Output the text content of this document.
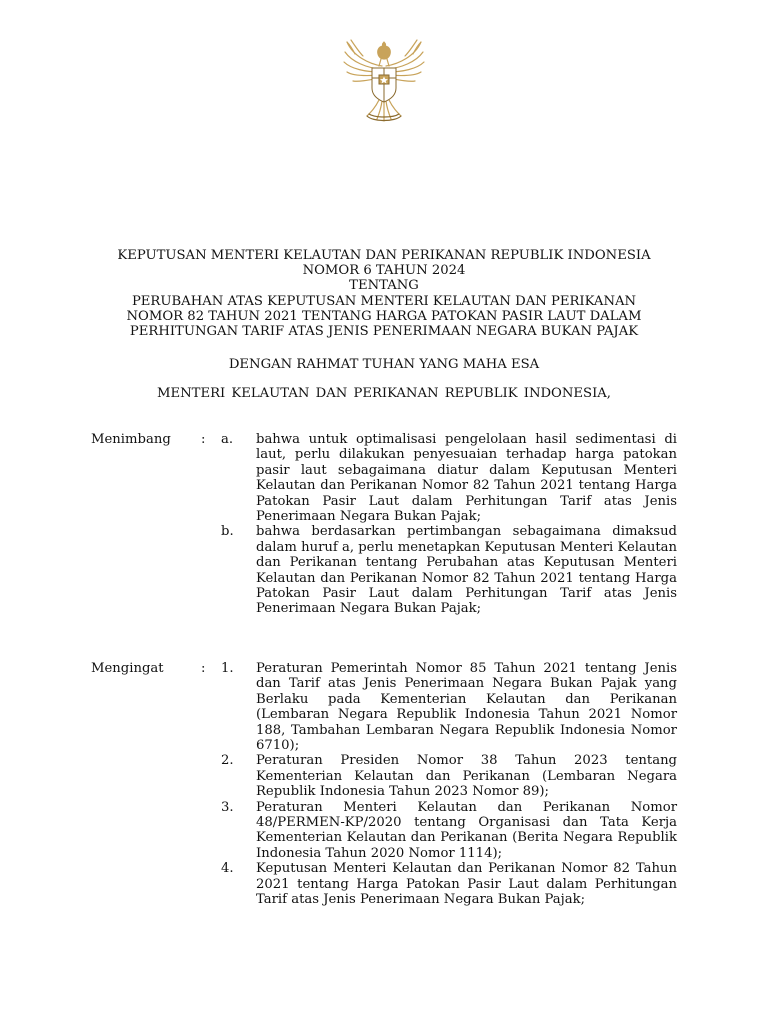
KEPUTUSAN MENTERI KELAUTAN DAN PERIKANAN REPUBLIK INDONESIA
NOMOR 6 TAHUN 2024
TENTANG
PERUBAHAN ATAS KEPUTUSAN MENTERI KELAUTAN DAN PERIKANAN
NOMOR 82 TAHUN 2021 TENTANG HARGA PATOKAN PASIR LAUT DALAM
PERHITUNGAN TARIF ATAS JENIS PENERIMAAN NEGARA BUKAN PAJAK
DENGAN RAHMAT TUHAN YANG MAHA ESA
MENTERI KELAUTAN DAN PERIKANAN REPUBLIK INDONESIA,
Menimbang : a. bahwa untuk optimalisasi pengelolaan hasil sedimentasi di laut, perlu dilakukan penyesuaian terhadap harga patokan pasir laut sebagaimana diatur dalam Keputusan Menteri Kelautan dan Perikanan Nomor 82 Tahun 2021 tentang Harga Patokan Pasir Laut dalam Perhitungan Tarif atas Jenis Penerimaan Negara Bukan Pajak;
b. bahwa berdasarkan pertimbangan sebagaimana dimaksud dalam huruf a, perlu menetapkan Keputusan Menteri Kelautan dan Perikanan tentang Perubahan atas Keputusan Menteri Kelautan dan Perikanan Nomor 82 Tahun 2021 tentang Harga Patokan Pasir Laut dalam Perhitungan Tarif atas Jenis Penerimaan Negara Bukan Pajak;
Mengingat	: 1. Peraturan Pemerintah Nomor 85 Tahun 2021 tentang Jenis dan Tarif atas Jenis Penerimaan Negara Bukan Pajak yang Berlaku pada Kementerian Kelautan dan Perikanan (Lembaran Negara Republik Indonesia Tahun 2021 Nomor 188, Tambahan Lembaran Negara Republik Indonesia Nomor 6710);
2. Peraturan Presiden Nomor 38 Tahun 2023 tentang Kementerian Kelautan dan Perikanan (Lembaran Negara Republik Indonesia Tahun 2023 Nomor 89);
3. Peraturan Menteri Kelautan dan Perikanan Nomor 48/PERMEN-KP/2020 tentang Organisasi dan Tata Kerja Kementerian Kelautan dan Perikanan (Berita Negara Republik Indonesia Tahun 2020 Nomor 1114);
4. Keputusan Menteri Kelautan dan Perikanan Nomor 82 Tahun 2021 tentang Harga Patokan Pasir Laut dalam Perhitungan Tarif atas Jenis Penerimaan Negara Bukan Pajak;
